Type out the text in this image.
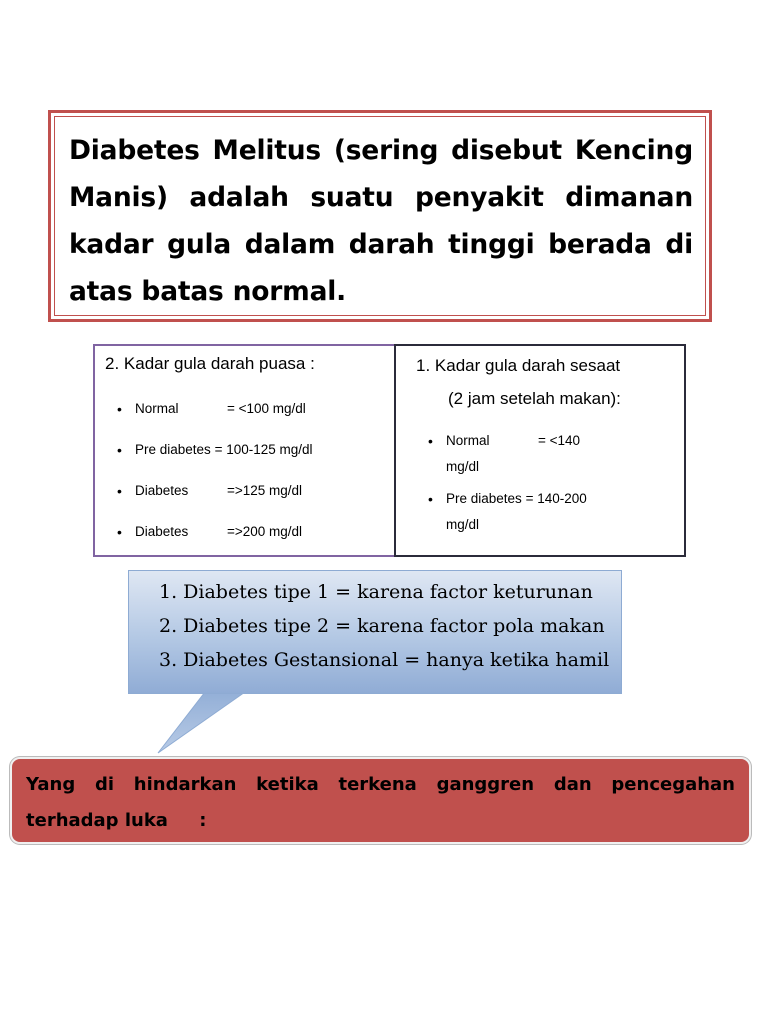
Diabetes Melitus (sering disebut Kencing Manis) adalah suatu penyakit dimanan kadar gula dalam darah tinggi berada di atas batas normal.

2. Kadar gula darah puasa :

• Normal	= <100 mg/dl
• Pre diabetes = 100-125 mg/dl
• Diabetes	=>125 mg/dl
• Diabetes	=>200 mg/dl

1. Kadar gula darah sesaat

(2 jam setelah makan):

• Normal	= <140
mg/dl
• Pre diabetes = 140-200
mg/dl
1. Diabetes tipe 1 = karena factor keturunan
2. Diabetes tipe 2 = karena factor pola makan
3. Diabetes Gestansional = hanya ketika hamil

Yang di hindarkan ketika terkena ganggren dan pencegahan terhadap luka     :
